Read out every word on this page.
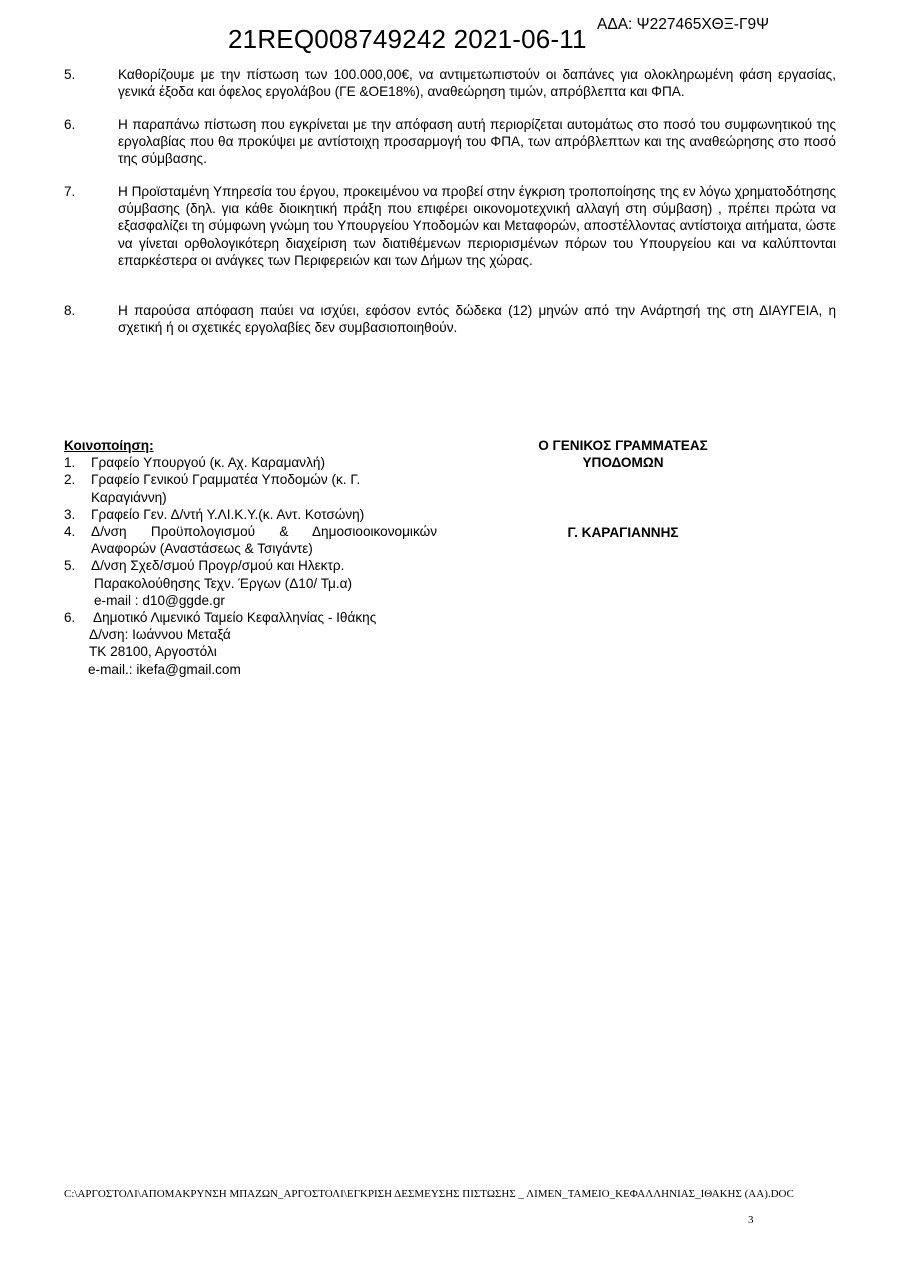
21REQ008749242 2021-06-11 ΑΔΑ: Ψ227465ΧΘΞ-Γ9Ψ
5.	Καθορίζουμε με την πίστωση των 100.000,00€, να αντιμετωπιστούν οι δαπάνες για ολοκληρωμένη φάση εργασίας, γενικά έξοδα και όφελος εργολάβου (ΓΕ &ΟΕ18%), αναθεώρηση τιμών, απρόβλεπτα και ΦΠΑ.
6.	Η παραπάνω πίστωση που εγκρίνεται με την απόφαση αυτή περιορίζεται αυτομάτως στο ποσό του συμφωνητικού της εργολαβίας που θα προκύψει με αντίστοιχη προσαρμογή του ΦΠΑ, των απρόβλεπτων και της αναθεώρησης στο ποσό της σύμβασης.
7.	Η Προϊσταμένη Υπηρεσία του έργου, προκειμένου να προβεί στην έγκριση τροποποίησης της εν λόγω χρηματοδότησης σύμβασης (δηλ. για κάθε διοικητική πράξη που επιφέρει οικονομοτεχνική αλλαγή στη σύμβαση) , πρέπει πρώτα να εξασφαλίζει τη σύμφωνη γνώμη του Υπουργείου Υποδομών και Μεταφορών, αποστέλλοντας αντίστοιχα αιτήματα, ώστε να γίνεται ορθολογικότερη διαχείριση των διατιθέμενων περιορισμένων πόρων του Υπουργείου και να καλύπτονται επαρκέστερα οι ανάγκες των Περιφερειών και των Δήμων της χώρας.
8.	Η παρούσα απόφαση παύει να ισχύει, εφόσον εντός δώδεκα (12) μηνών από την Ανάρτησή της στη ΔΙΑΥΓΕΙΑ, η σχετική ή οι σχετικές εργολαβίες δεν συμβασιοποιηθούν.
Κοινοποίηση:
1. Γραφείο Υπουργού (κ. Αχ. Καραμανλή)
2. Γραφείο Γενικού Γραμματέα Υποδομών (κ. Γ.
Καραγιάννη)
3. Γραφείο Γεν. Δ/ντή Υ.ΛΙ.Κ.Υ.(κ. Αντ. Κοτσώνη)
4. Δ/νση Προϋπολογισμού & Δημοσιοοικονομικών
Αναφορών (Αναστάσεως & Τσιγάντε)
5. Δ/νση Σχεδ/σμού Προγρ/σμού και Ηλεκτρ.
Παρακολούθησης Τεχν. Έργων (Δ10/ Τμ.α)
e-mail : d10@ggde.gr
6. Δημοτικό Λιμενικό Ταμείο Κεφαλληνίας - Ιθάκης
Δ/νση: Ιωάννου Μεταξά
ΤΚ 28100, Αργοστόλι
e-mail.: ikefa@gmail.com
Ο ΓΕΝΙΚΟΣ ΓΡΑΜΜΑΤΕΑΣ
ΥΠΟΔΟΜΩΝ
Γ. ΚΑΡΑΓΙΑΝΝΗΣ
C:\ΑΡΓΟΣΤΟΛΙ\ΑΠΟΜΑΚΡΥΝΣΗ ΜΠΑΖΩΝ_ΑΡΓΟΣΤΟΛΙ\ΕΓΚΡΙΣΗ ΔΕΣΜΕΥΣΗΣ ΠΙΣΤΩΣΗΣ _ ΛΙΜΕΝ_ΤΑΜΕΙΟ_ΚΕΦΑΛΛΗΝΙΑΣ_ΙΘΑΚΗΣ (ΑΑ).DOC
3
